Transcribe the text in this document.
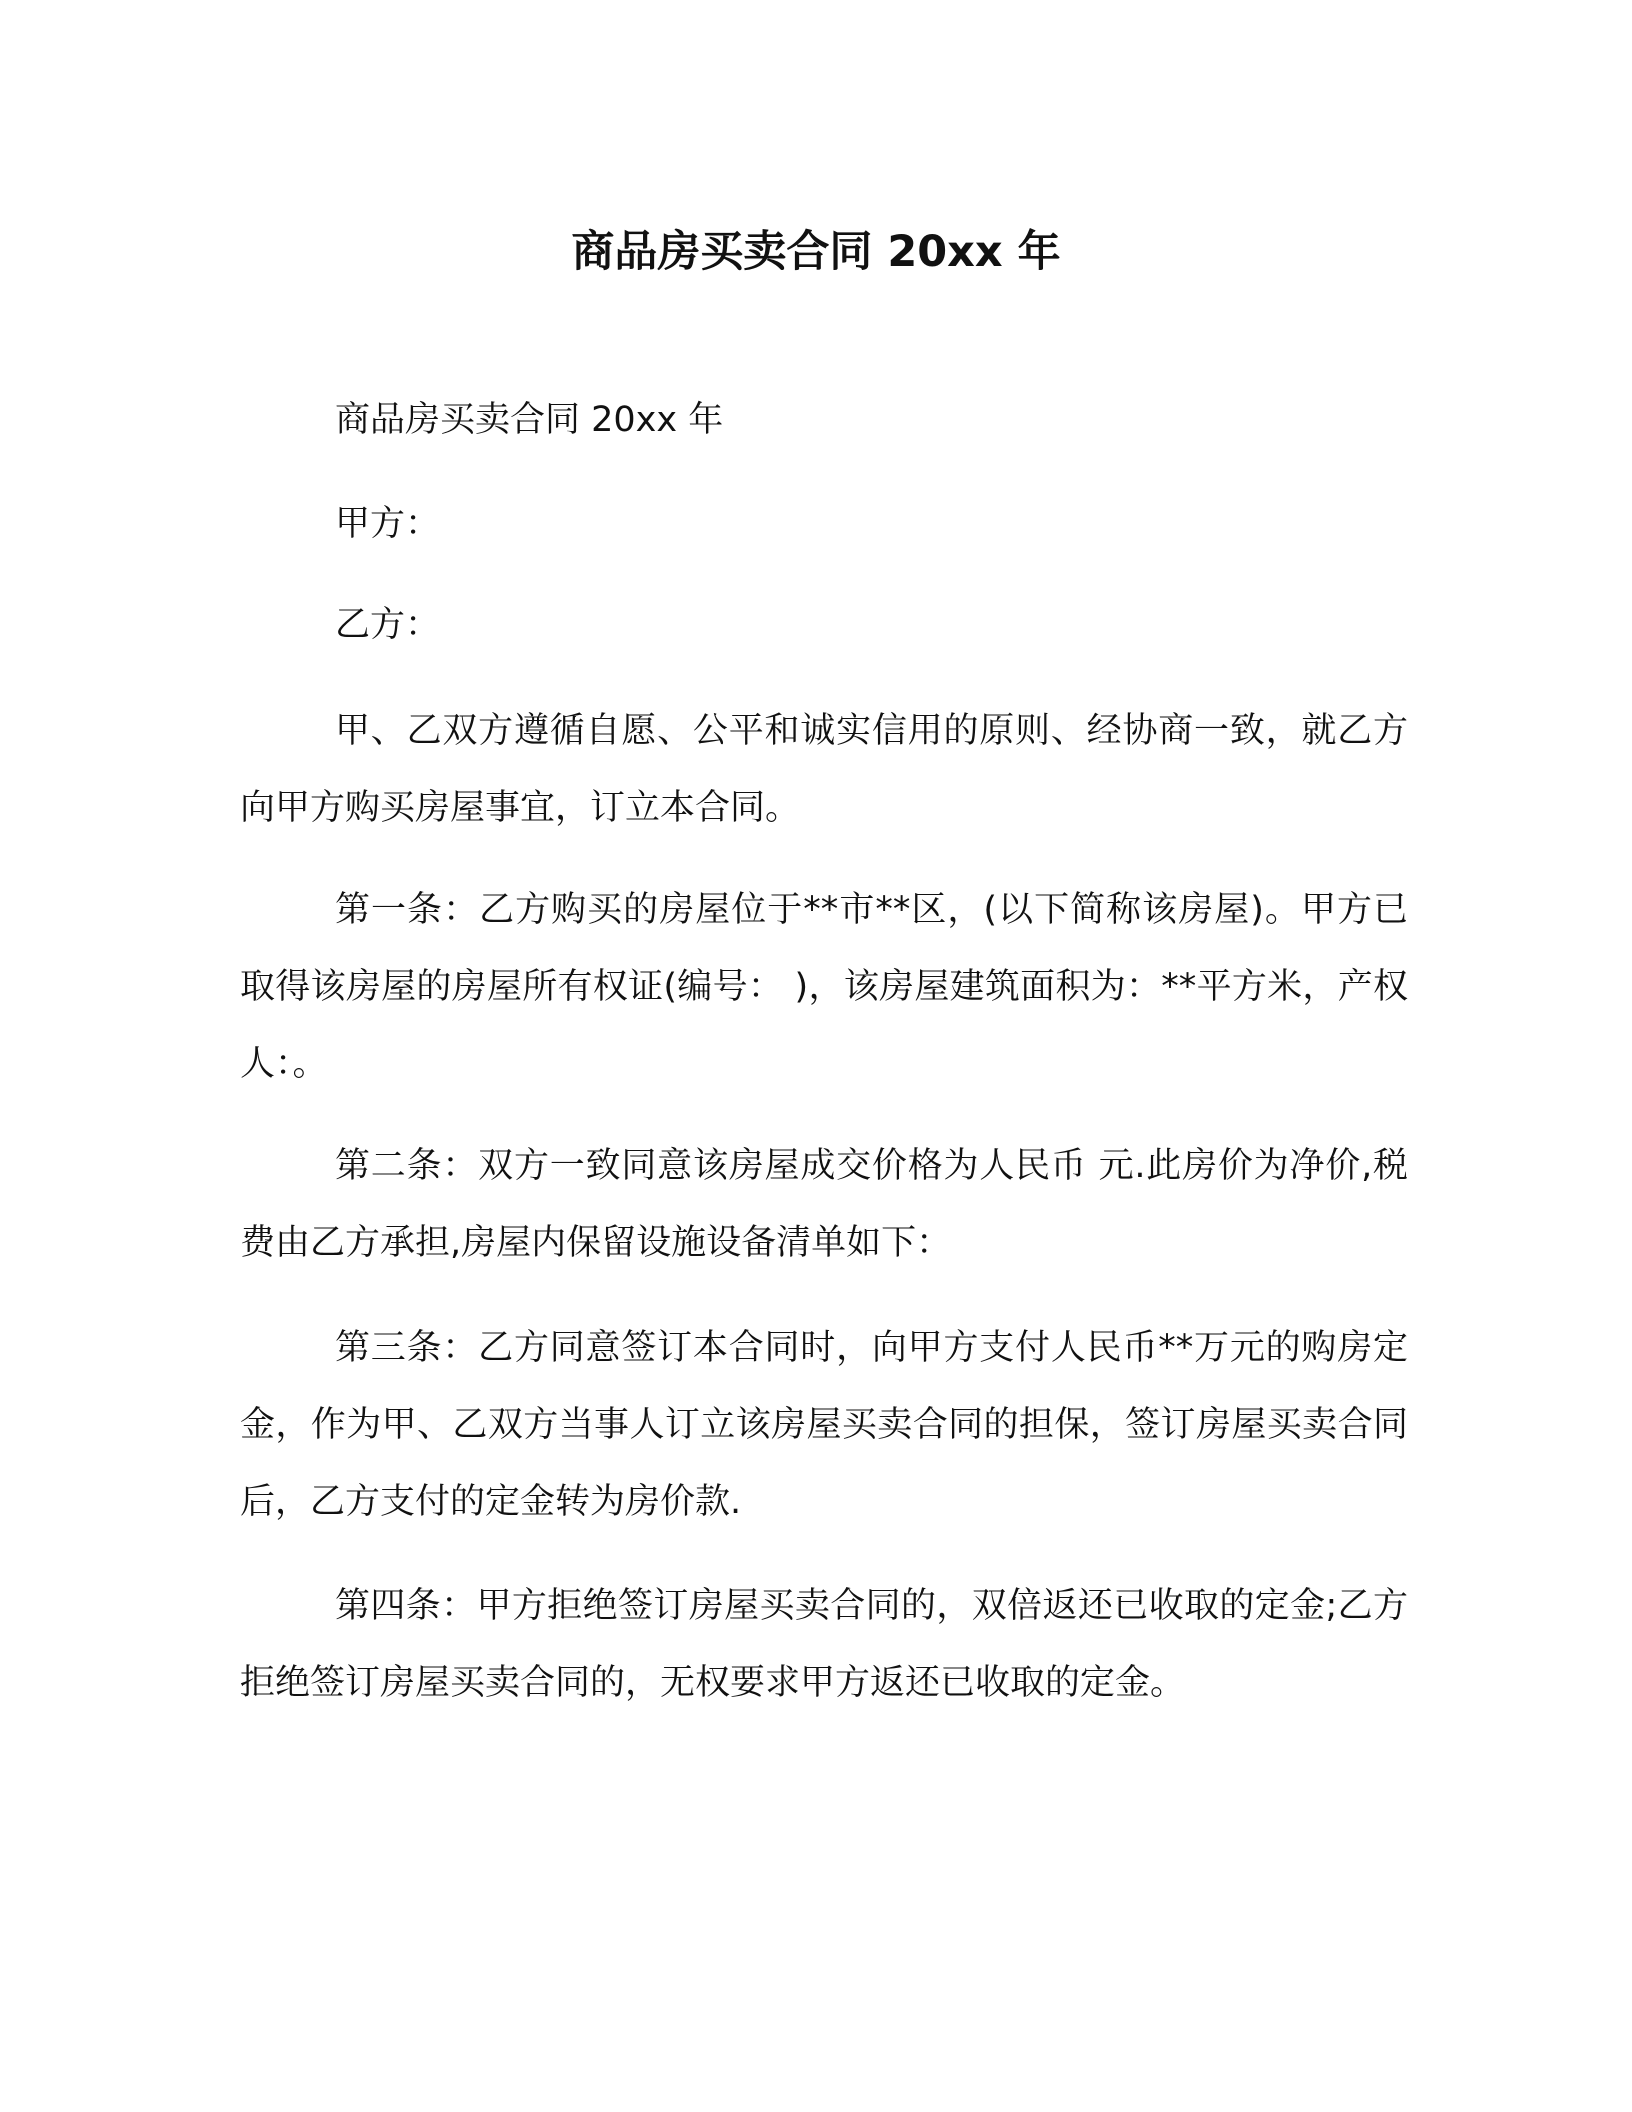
商品房买卖合同 20xx 年

商品房买卖合同 20xx 年

甲方：

乙方：

甲、乙双方遵循自愿、公平和诚实信用的原则、经协商一致，就乙方向甲方购买房屋事宜，订立本合同。

第一条：乙方购买的房屋位于**市**区，(以下简称该房屋)。甲方已取得该房屋的房屋所有权证(编号： )，该房屋建筑面积为：**平方米，产权人：。

第二条：双方一致同意该房屋成交价格为人民币 元.此房价为净价,税费由乙方承担,房屋内保留设施设备清单如下：

第三条：乙方同意签订本合同时，向甲方支付人民币**万元的购房定金，作为甲、乙双方当事人订立该房屋买卖合同的担保，签订房屋买卖合同后，乙方支付的定金转为房价款.

第四条：甲方拒绝签订房屋买卖合同的，双倍返还已收取的定金;乙方拒绝签订房屋买卖合同的，无权要求甲方返还已收取的定金。
